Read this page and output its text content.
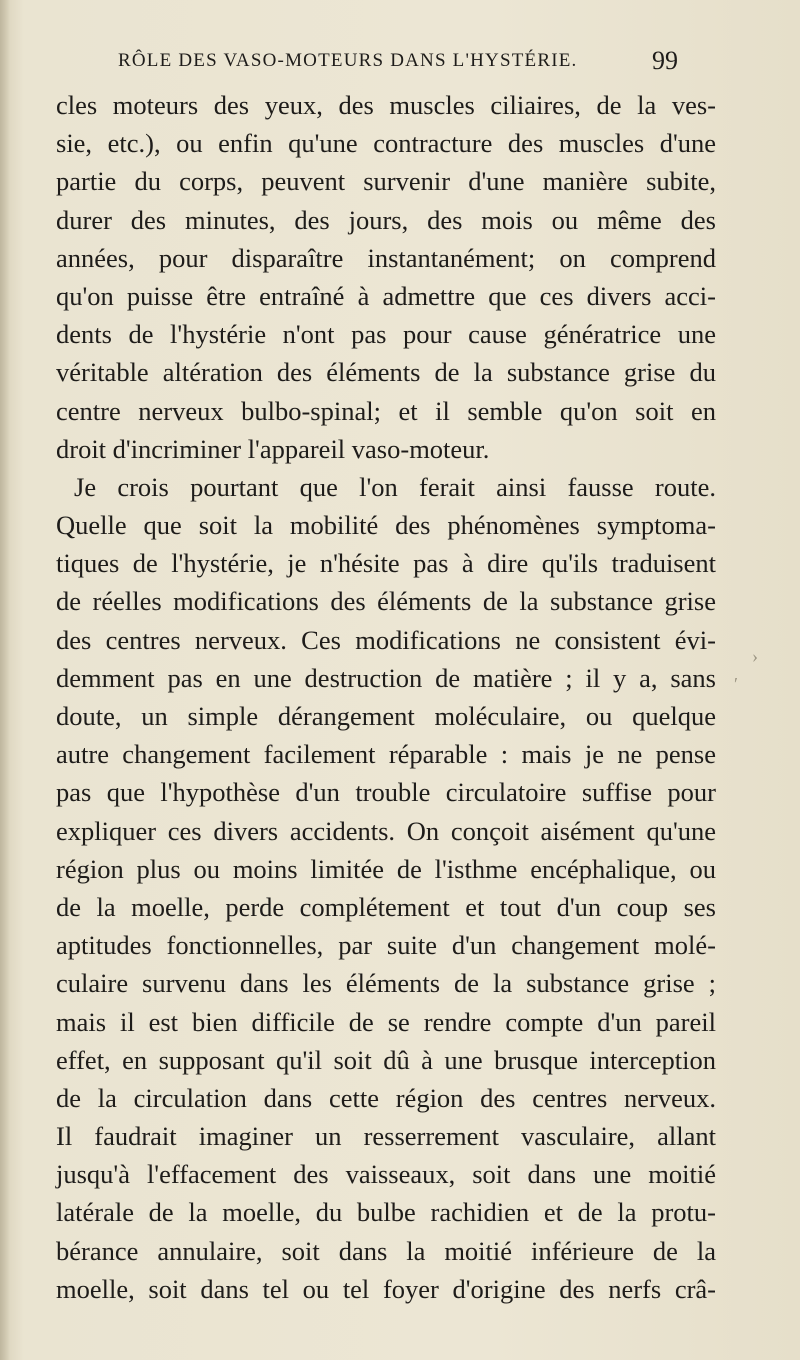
RÔLE DES VASO-MOTEURS DANS L'HYSTÉRIE.	99
cles moteurs des yeux, des muscles ciliaires, de la ves-
sie, etc.), ou enfin qu'une contracture des muscles d'une
partie du corps, peuvent survenir d'une manière subite,
durer des minutes, des jours, des mois ou même des
années, pour disparaître instantanément; on comprend
qu'on puisse être entraîné à admettre que ces divers acci-
dents de l'hystérie n'ont pas pour cause génératrice une
véritable altération des éléments de la substance grise du
centre nerveux bulbo-spinal; et il semble qu'on soit en
droit d'incriminer l'appareil vaso-moteur.
Je crois pourtant que l'on ferait ainsi fausse route.
Quelle que soit la mobilité des phénomènes symptoma-
tiques de l'hystérie, je n'hésite pas à dire qu'ils traduisent
de réelles modifications des éléments de la substance grise
des centres nerveux. Ces modifications ne consistent évi-
demment pas en une destruction de matière ; il y a, sans
doute, un simple dérangement moléculaire, ou quelque
autre changement facilement réparable : mais je ne pense
pas que l'hypothèse d'un trouble circulatoire suffise pour
expliquer ces divers accidents. On conçoit aisément qu'une
région plus ou moins limitée de l'isthme encéphalique, ou
de la moelle, perde complétement et tout d'un coup ses
aptitudes fonctionnelles, par suite d'un changement molé-
culaire survenu dans les éléments de la substance grise ;
mais il est bien difficile de se rendre compte d'un pareil
effet, en supposant qu'il soit dû à une brusque interception
de la circulation dans cette région des centres nerveux.
Il faudrait imaginer un resserrement vasculaire, allant
jusqu'à l'effacement des vaisseaux, soit dans une moitié
latérale de la moelle, du bulbe rachidien et de la protu-
bérance annulaire, soit dans la moitié inférieure de la
moelle, soit dans tel ou tel foyer d'origine des nerfs crâ-
›
′
